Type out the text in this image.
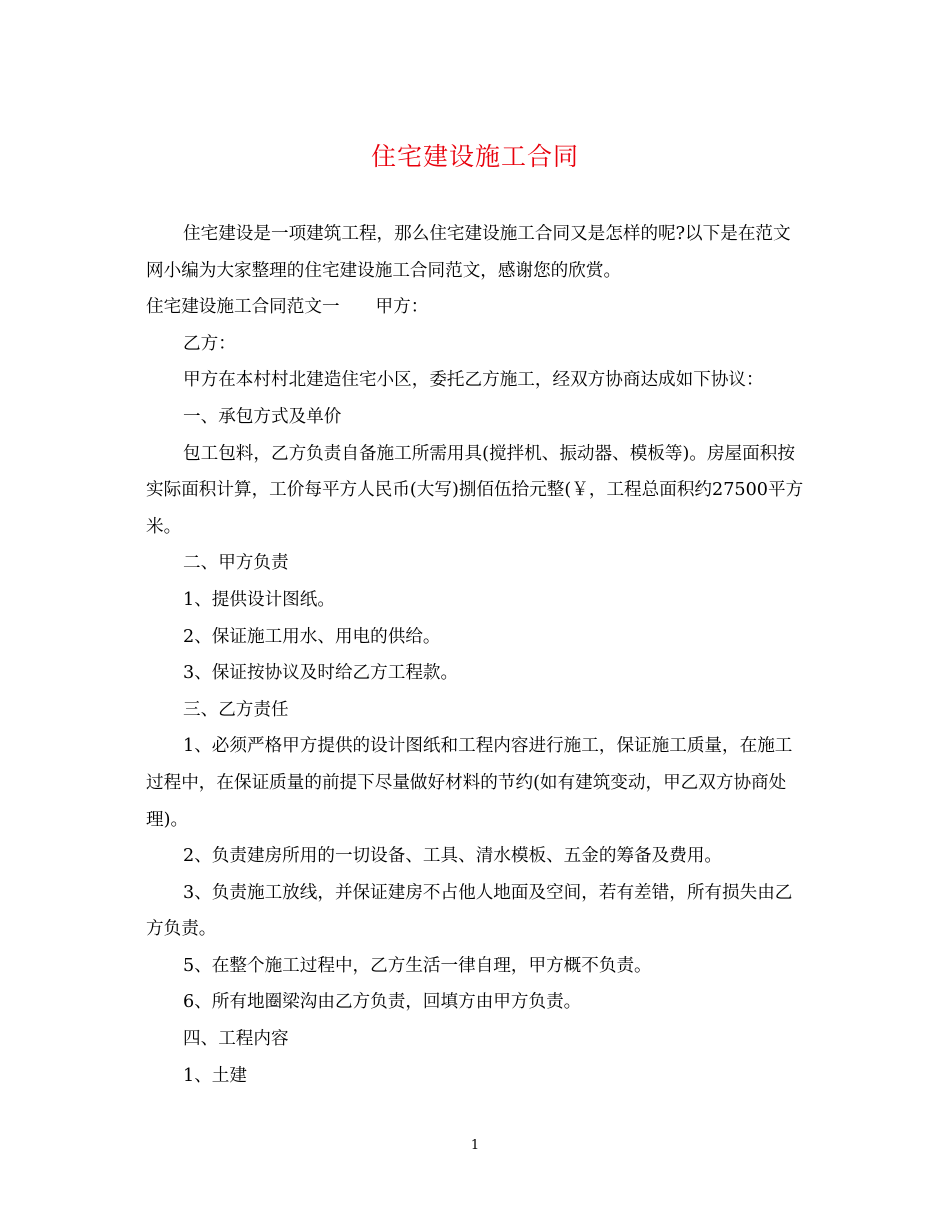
住宅建设施工合同

住宅建设是一项建筑工程，那么住宅建设施工合同又是怎样的呢?以下是在范文网小编为大家整理的住宅建设施工合同范文，感谢您的欣赏。

住宅建设施工合同范文一 甲方：

乙方：

甲方在本村村北建造住宅小区，委托乙方施工，经双方协商达成如下协议：

一、承包方式及单价

包工包料，乙方负责自备施工所需用具(搅拌机、振动器、模板等)。房屋面积按实际面积计算，工价每平方人民币(大写)捌佰伍拾元整(￥，工程总面积约27500平方米。

二、甲方负责

1、提供设计图纸。

2、保证施工用水、用电的供给。

3、保证按协议及时给乙方工程款。

三、乙方责任

1、必须严格甲方提供的设计图纸和工程内容进行施工，保证施工质量，在施工过程中，在保证质量的前提下尽量做好材料的节约(如有建筑变动，甲乙双方协商处理)。

2、负责建房所用的一切设备、工具、清水模板、五金的筹备及费用。

3、负责施工放线，并保证建房不占他人地面及空间，若有差错，所有损失由乙方负责。

5、在整个施工过程中，乙方生活一律自理，甲方概不负责。

6、所有地圈梁沟由乙方负责，回填方由甲方负责。

四、工程内容

1、土建

1
